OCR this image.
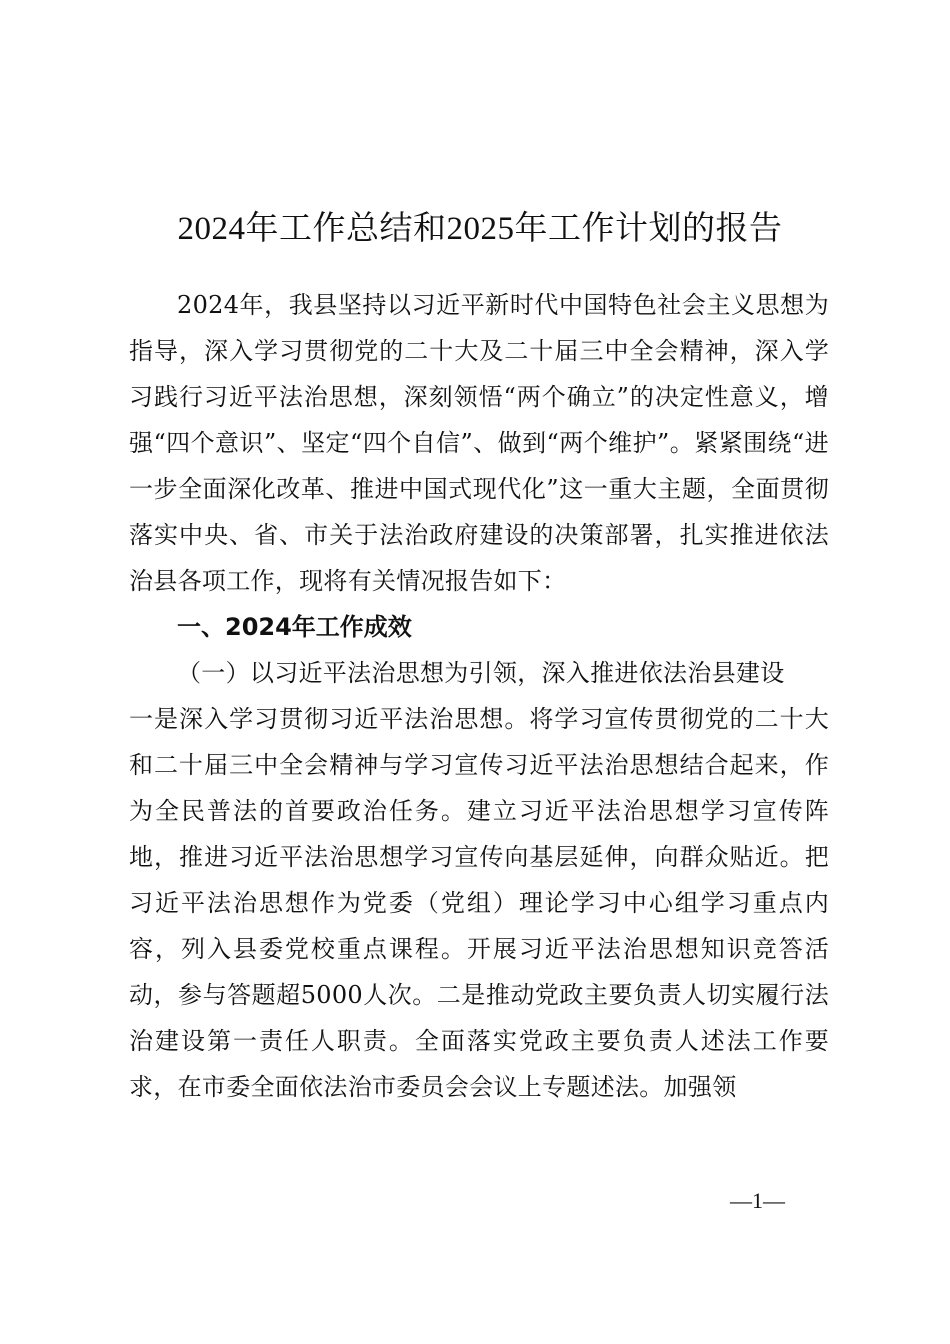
2024年工作总结和2025年工作计划的报告

2024年，我县坚持以习近平新时代中国特色社会主义思想为指导，深入学习贯彻党的二十大及二十届三中全会精神，深入学习践行习近平法治思想，深刻领悟“两个确立”的决定性意义，增强“四个意识”、坚定“四个自信”、做到“两个维护”。紧紧围绕“进一步全面深化改革、推进中国式现代化”这一重大主题，全面贯彻落实中央、省、市关于法治政府建设的决策部署，扎实推进依法治县各项工作，现将有关情况报告如下：

一、2024年工作成效

（一）以习近平法治思想为引领，深入推进依法治县建设

一是深入学习贯彻习近平法治思想。将学习宣传贯彻党的二十大和二十届三中全会精神与学习宣传习近平法治思想结合起来，作为全民普法的首要政治任务。建立习近平法治思想学习宣传阵地，推进习近平法治思想学习宣传向基层延伸，向群众贴近。把习近平法治思想作为党委（党组）理论学习中心组学习重点内容，列入县委党校重点课程。开展习近平法治思想知识竞答活动，参与答题超5000人次。二是推动党政主要负责人切实履行法治建设第一责任人职责。全面落实党政主要负责人述法工作要求，在市委全面依法治市委员会会议上专题述法。加强领

—1—
